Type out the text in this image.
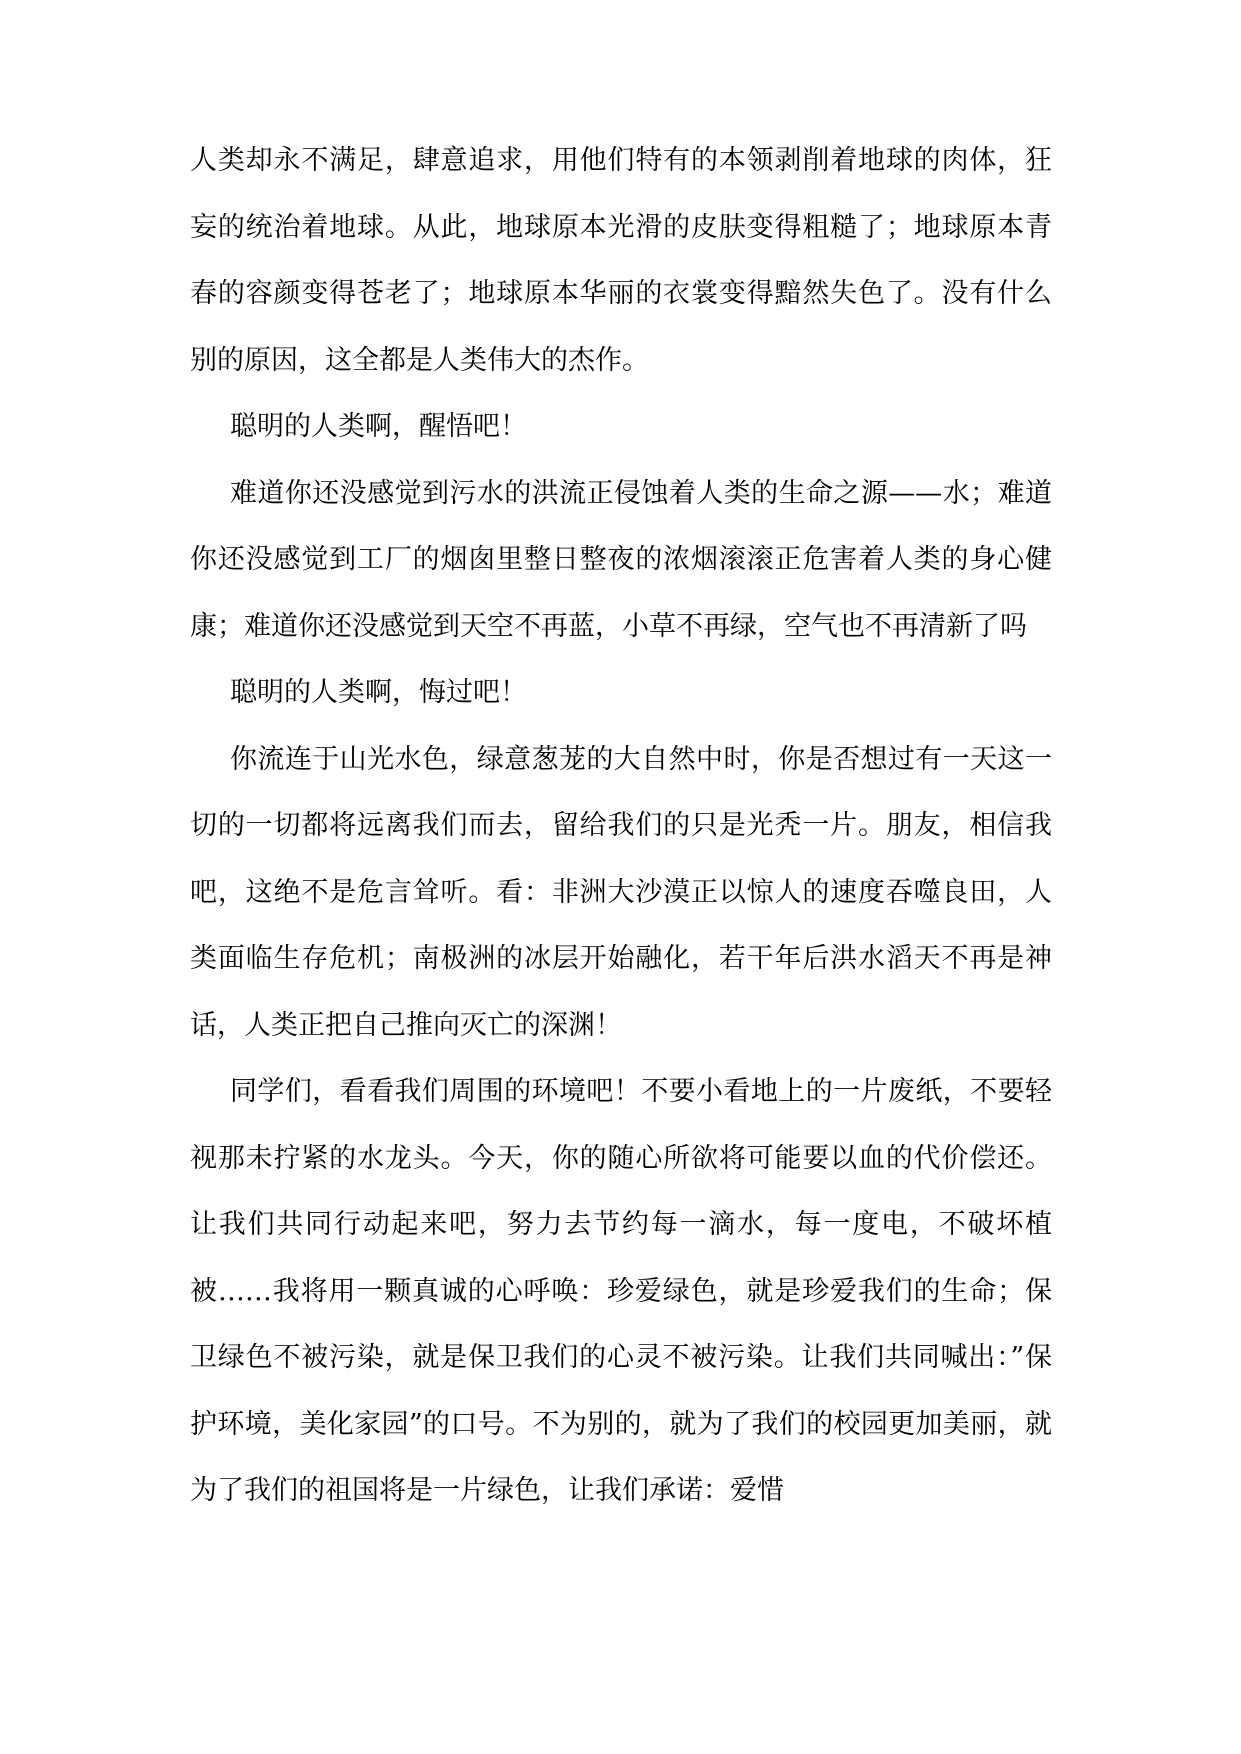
人类却永不满足，肆意追求，用他们特有的本领剥削着地球的肉体，狂妄的统治着地球。从此，地球原本光滑的皮肤变得粗糙了；地球原本青春的容颜变得苍老了；地球原本华丽的衣裳变得黯然失色了。没有什么别的原因，这全都是人类伟大的杰作。

聪明的人类啊，醒悟吧！

难道你还没感觉到污水的洪流正侵蚀着人类的生命之源——水；难道你还没感觉到工厂的烟囱里整日整夜的浓烟滚滚正危害着人类的身心健康；难道你还没感觉到天空不再蓝，小草不再绿，空气也不再清新了吗

聪明的人类啊，悔过吧！

你流连于山光水色，绿意葱茏的大自然中时，你是否想过有一天这一切的一切都将远离我们而去，留给我们的只是光秃一片。朋友，相信我吧，这绝不是危言耸听。看：非洲大沙漠正以惊人的速度吞噬良田，人类面临生存危机；南极洲的冰层开始融化，若干年后洪水滔天不再是神话，人类正把自己推向灭亡的深渊！

同学们，看看我们周围的环境吧！不要小看地上的一片废纸，不要轻视那未拧紧的水龙头。今天，你的随心所欲将可能要以血的代价偿还。让我们共同行动起来吧，努力去节约每一滴水，每一度电，不破坏植被……我将用一颗真诚的心呼唤：珍爱绿色，就是珍爱我们的生命；保卫绿色不被污染，就是保卫我们的心灵不被污染。让我们共同喊出：”保护环境，美化家园”的口号。不为别的，就为了我们的校园更加美丽，就为了我们的祖国将是一片绿色，让我们承诺：爱惜
